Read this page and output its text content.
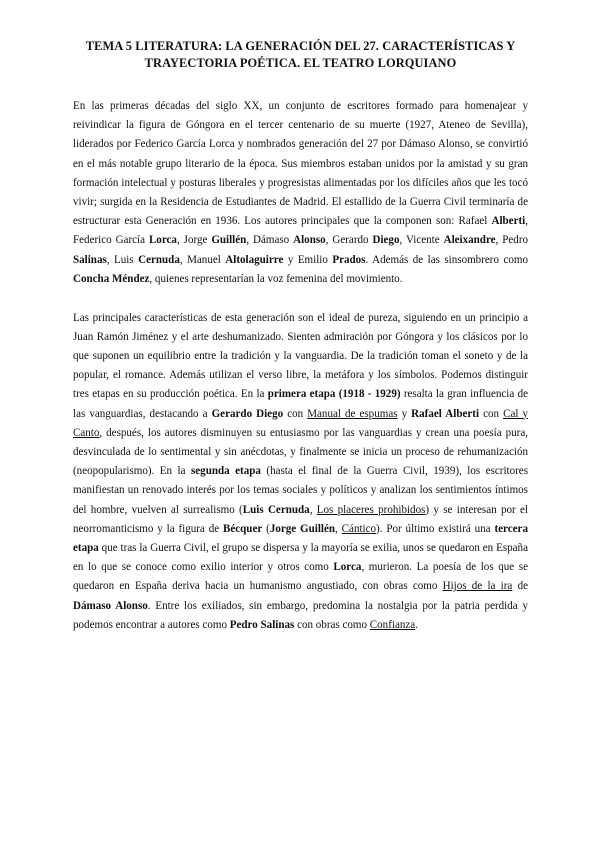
TEMA 5 LITERATURA: LA GENERACIÓN DEL 27. CARACTERÍSTICAS Y TRAYECTORIA POÉTICA. EL TEATRO LORQUIANO

En las primeras décadas del siglo XX, un conjunto de escritores formado para homenajear y reivindicar la figura de Góngora en el tercer centenario de su muerte (1927, Ateneo de Sevilla), liderados por Federico García Lorca y nombrados generación del 27 por Dámaso Alonso, se convirtió en el más notable grupo literario de la época. Sus miembros estaban unidos por la amistad y su gran formación intelectual y posturas liberales y progresistas alimentadas por los difíciles años que les tocó vivir; surgida en la Residencia de Estudiantes de Madrid. El estallido de la Guerra Civil terminaría de estructurar esta Generación en 1936. Los autores principales que la componen son: Rafael Alberti, Federico García Lorca, Jorge Guillén, Dámaso Alonso, Gerardo Diego, Vicente Aleixandre, Pedro Salinas, Luis Cernuda, Manuel Altolaguirre y Emilio Prados. Además de las sinsombrero como Concha Méndez, quienes representarían la voz femenina del movimiento.

Las principales características de esta generación son el ideal de pureza, siguiendo en un principio a Juan Ramón Jiménez y el arte deshumanizado. Sienten admiración por Góngora y los clásicos por lo que suponen un equilibrio entre la tradición y la vanguardia. De la tradición toman el soneto y de la popular, el romance. Además utilizan el verso libre, la metáfora y los símbolos. Podemos distinguir tres etapas en su producción poética. En la primera etapa (1918 - 1929) resalta la gran influencia de las vanguardias, destacando a Gerardo Diego con Manual de espumas y Rafael Alberti con Cal y Canto, después, los autores disminuyen su entusiasmo por las vanguardias y crean una poesía pura, desvinculada de lo sentimental y sin anécdotas, y finalmente se inicia un proceso de rehumanización (neopopularismo). En la segunda etapa (hasta el final de la Guerra Civil, 1939), los escritores manifiestan un renovado interés por los temas sociales y políticos y analizan los sentimientos íntimos del hombre, vuelven al surrealismo (Luis Cernuda, Los placeres prohibidos) y se interesan por el neorromanticismo y la figura de Bécquer (Jorge Guillén, Cántico). Por último existirá una tercera etapa que tras la Guerra Civil, el grupo se dispersa y la mayoría se exilia, unos se quedaron en España en lo que se conoce como exilio interior y otros como Lorca, murieron. La poesía de los que se quedaron en España deriva hacia un humanismo angustiado, con obras como Hijos de la ira de Dámaso Alonso. Entre los exiliados, sin embargo, predomina la nostalgia por la patria perdida y podemos encontrar a autores como Pedro Salinas con obras como Confianza.
